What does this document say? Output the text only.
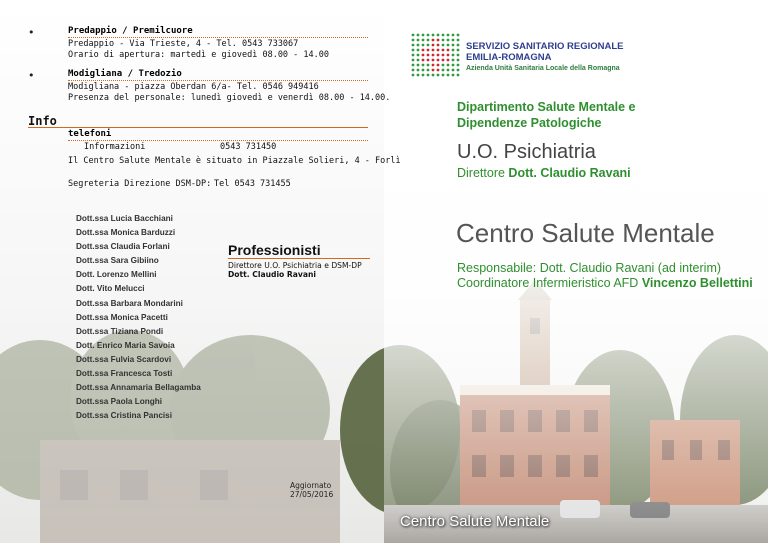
•	Predappio / Premilcuore
Predappio - Via Trieste, 4 - Tel. 0543 733067
Orario di apertura: martedì e giovedì 08.00 - 14.00
•	Modigliana / Tredozio
Modigliana - piazza Oberdan 6/a- Tel. 0546 949416
Presenza del personale: lunedì giovedì e venerdì 08.00 - 14.00.
Info
telefoni
Informazioni	0543 731450
Il Centro Salute Mentale è situato in Piazzale Solieri, 4 - Forlì
Segreteria Direzione DSM-DP: Tel 0543 731455
Dott.ssa Lucia Bacchiani
Dott.ssa Monica Barduzzi
Dott.ssa Claudia Forlani
Dott.ssa Sara Gibiino
Dott. Lorenzo Mellini
Dott. Vito Melucci
Dott.ssa Barbara Mondarini
Dott.ssa Monica Pacetti
Dott.ssa Tiziana Pondi
Dott. Enrico Maria Savoia
Dott.ssa Fulvia Scardovi
Dott.ssa Francesca Tosti
Dott.ssa Annamaria Bellagamba
Dott.ssa Paola Longhi
Dott.ssa Cristina Pancisi
Professionisti
Direttore U.O. Psichiatria e DSM-DP Dott. Claudio Ravani
Aggiornato
27/05/2016
SERVIZIO SANITARIO REGIONALE
EMILIA-ROMAGNA
Azienda Unità Sanitaria Locale della Romagna
Dipartimento Salute Mentale e
Dipendenze Patologiche
U.O. Psichiatria
Direttore Dott. Claudio Ravani
Centro Salute Mentale
Responsabile: Dott. Claudio Ravani (ad interim)
Coordinatore Infermieristico AFD Vincenzo Bellettini
Centro Salute Mentale
